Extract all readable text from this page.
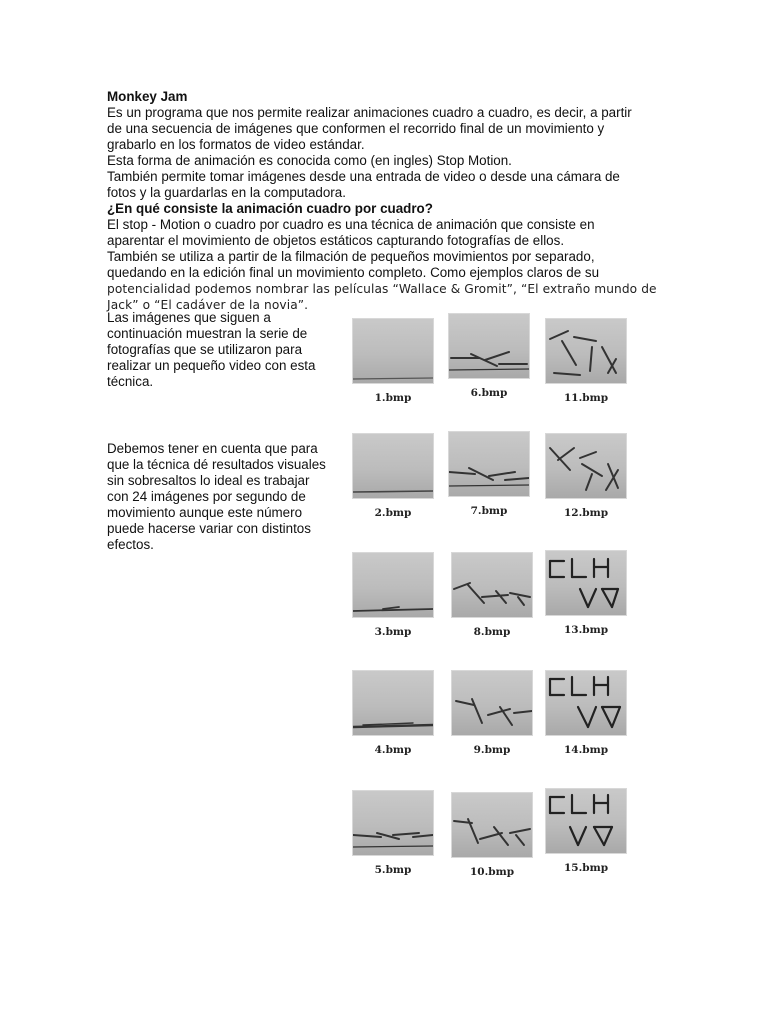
Monkey Jam

Es un programa que nos permite realizar animaciones cuadro a cuadro, es decir, a partir

de una secuencia de imágenes que conformen el recorrido final de un movimiento y

grabarlo en los formatos de video estándar.

Esta forma de animación es conocida como (en ingles) Stop Motion.

También permite tomar imágenes desde una entrada de video o desde una cámara de

fotos y la guardarlas en la computadora.

¿En qué consiste la animación cuadro por cuadro?

El stop - Motion o cuadro por cuadro es una técnica de animación que consiste en

aparentar el movimiento de objetos estáticos capturando fotografías de ellos.

También se utiliza a partir de la filmación de pequeños movimientos por separado,

quedando en la edición final un movimiento completo. Como ejemplos claros de su

potencialidad podemos nombrar las películas “Wallace & Gromit”, “El extraño mundo de

Jack” o “El cadáver de la novia”.

Las imágenes que siguen a
continuación muestran la serie de
fotografías que se utilizaron para
realizar un pequeño video con esta
técnica.
Debemos tener en cuenta que para
que la técnica dé resultados visuales
sin sobresaltos lo ideal es trabajar
con 24 imágenes por segundo de
movimiento aunque este número
puede hacerse variar con distintos
efectos.
1.bmp	6.bmp	11.bmp
2.bmp	7.bmp	12.bmp
3.bmp	8.bmp	13.bmp
4.bmp	9.bmp	14.bmp
5.bmp	10.bmp	15.bmp
